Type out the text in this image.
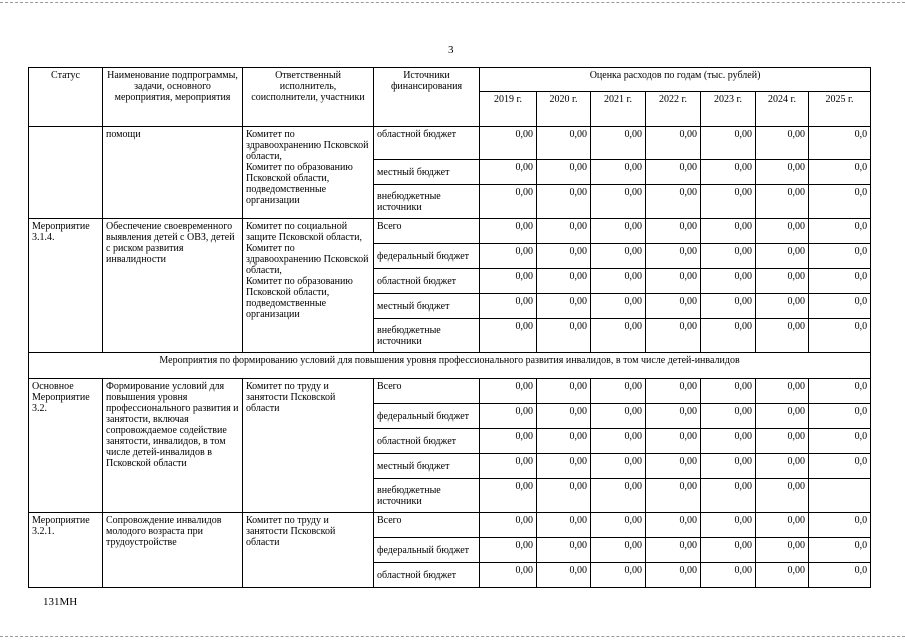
3
Статус	Наименование подпрограммы, задачи, основного мероприятия, мероприятия	Ответственный исполнитель, соисполнители, участники	Источники финансирования	Оценка расходов по годам (тыс. рублей)						
				2019 г.	2020 г.	2021 г.	2022 г.	2023 г.	2024 г.	2025 г.
	помощи	Комитет по здравоохранению Псковской области,
Комитет по образованию Псковской области,
подведомственные организации	областной бюджет	0,00	0,00	0,00	0,00	0,00	0,00	0,0
			местный бюджет	0,00	0,00	0,00	0,00	0,00	0,00	0,0
			внебюджетные источники	0,00	0,00	0,00	0,00	0,00	0,00	0,0
Мероприятие 3.1.4.	Обеспечение своевременного выявления детей с ОВЗ, детей с риском развития инвалидности	Комитет по социальной защите Псковской области,
Комитет по здравоохранению Псковской области,
Комитет по образованию Псковской области,
подведомственные организации	Всего	0,00	0,00	0,00	0,00	0,00	0,00	0,0
			федеральный бюджет	0,00	0,00	0,00	0,00	0,00	0,00	0,0
			областной бюджет	0,00	0,00	0,00	0,00	0,00	0,00	0,0
			местный бюджет	0,00	0,00	0,00	0,00	0,00	0,00	0,0
			внебюджетные источники	0,00	0,00	0,00	0,00	0,00	0,00	0,0
Мероприятия по формированию условий для повышения уровня профессионального развития инвалидов, в том числе детей-инвалидов										
Основное Мероприятие 3.2.	Формирование условий для повышения уровня профессионального развития и занятости, включая сопровождаемое содействие занятости, инвалидов, в том числе детей-инвалидов в Псковской области	Комитет по труду и занятости Псковской области	Всего	0,00	0,00	0,00	0,00	0,00	0,00	0,0
			федеральный бюджет	0,00	0,00	0,00	0,00	0,00	0,00	0,0
			областной бюджет	0,00	0,00	0,00	0,00	0,00	0,00	0,0
			местный бюджет	0,00	0,00	0,00	0,00	0,00	0,00	0,0
			внебюджетные источники	0,00	0,00	0,00	0,00	0,00	0,00	
Мероприятие 3.2.1.	Сопровождение инвалидов молодого возраста при трудоустройстве	Комитет по труду и занятости Псковской области	Всего	0,00	0,00	0,00	0,00	0,00	0,00	0,0
			федеральный бюджет	0,00	0,00	0,00	0,00	0,00	0,00	0,0
			областной бюджет	0,00	0,00	0,00	0,00	0,00	0,00	0,0
131МН
